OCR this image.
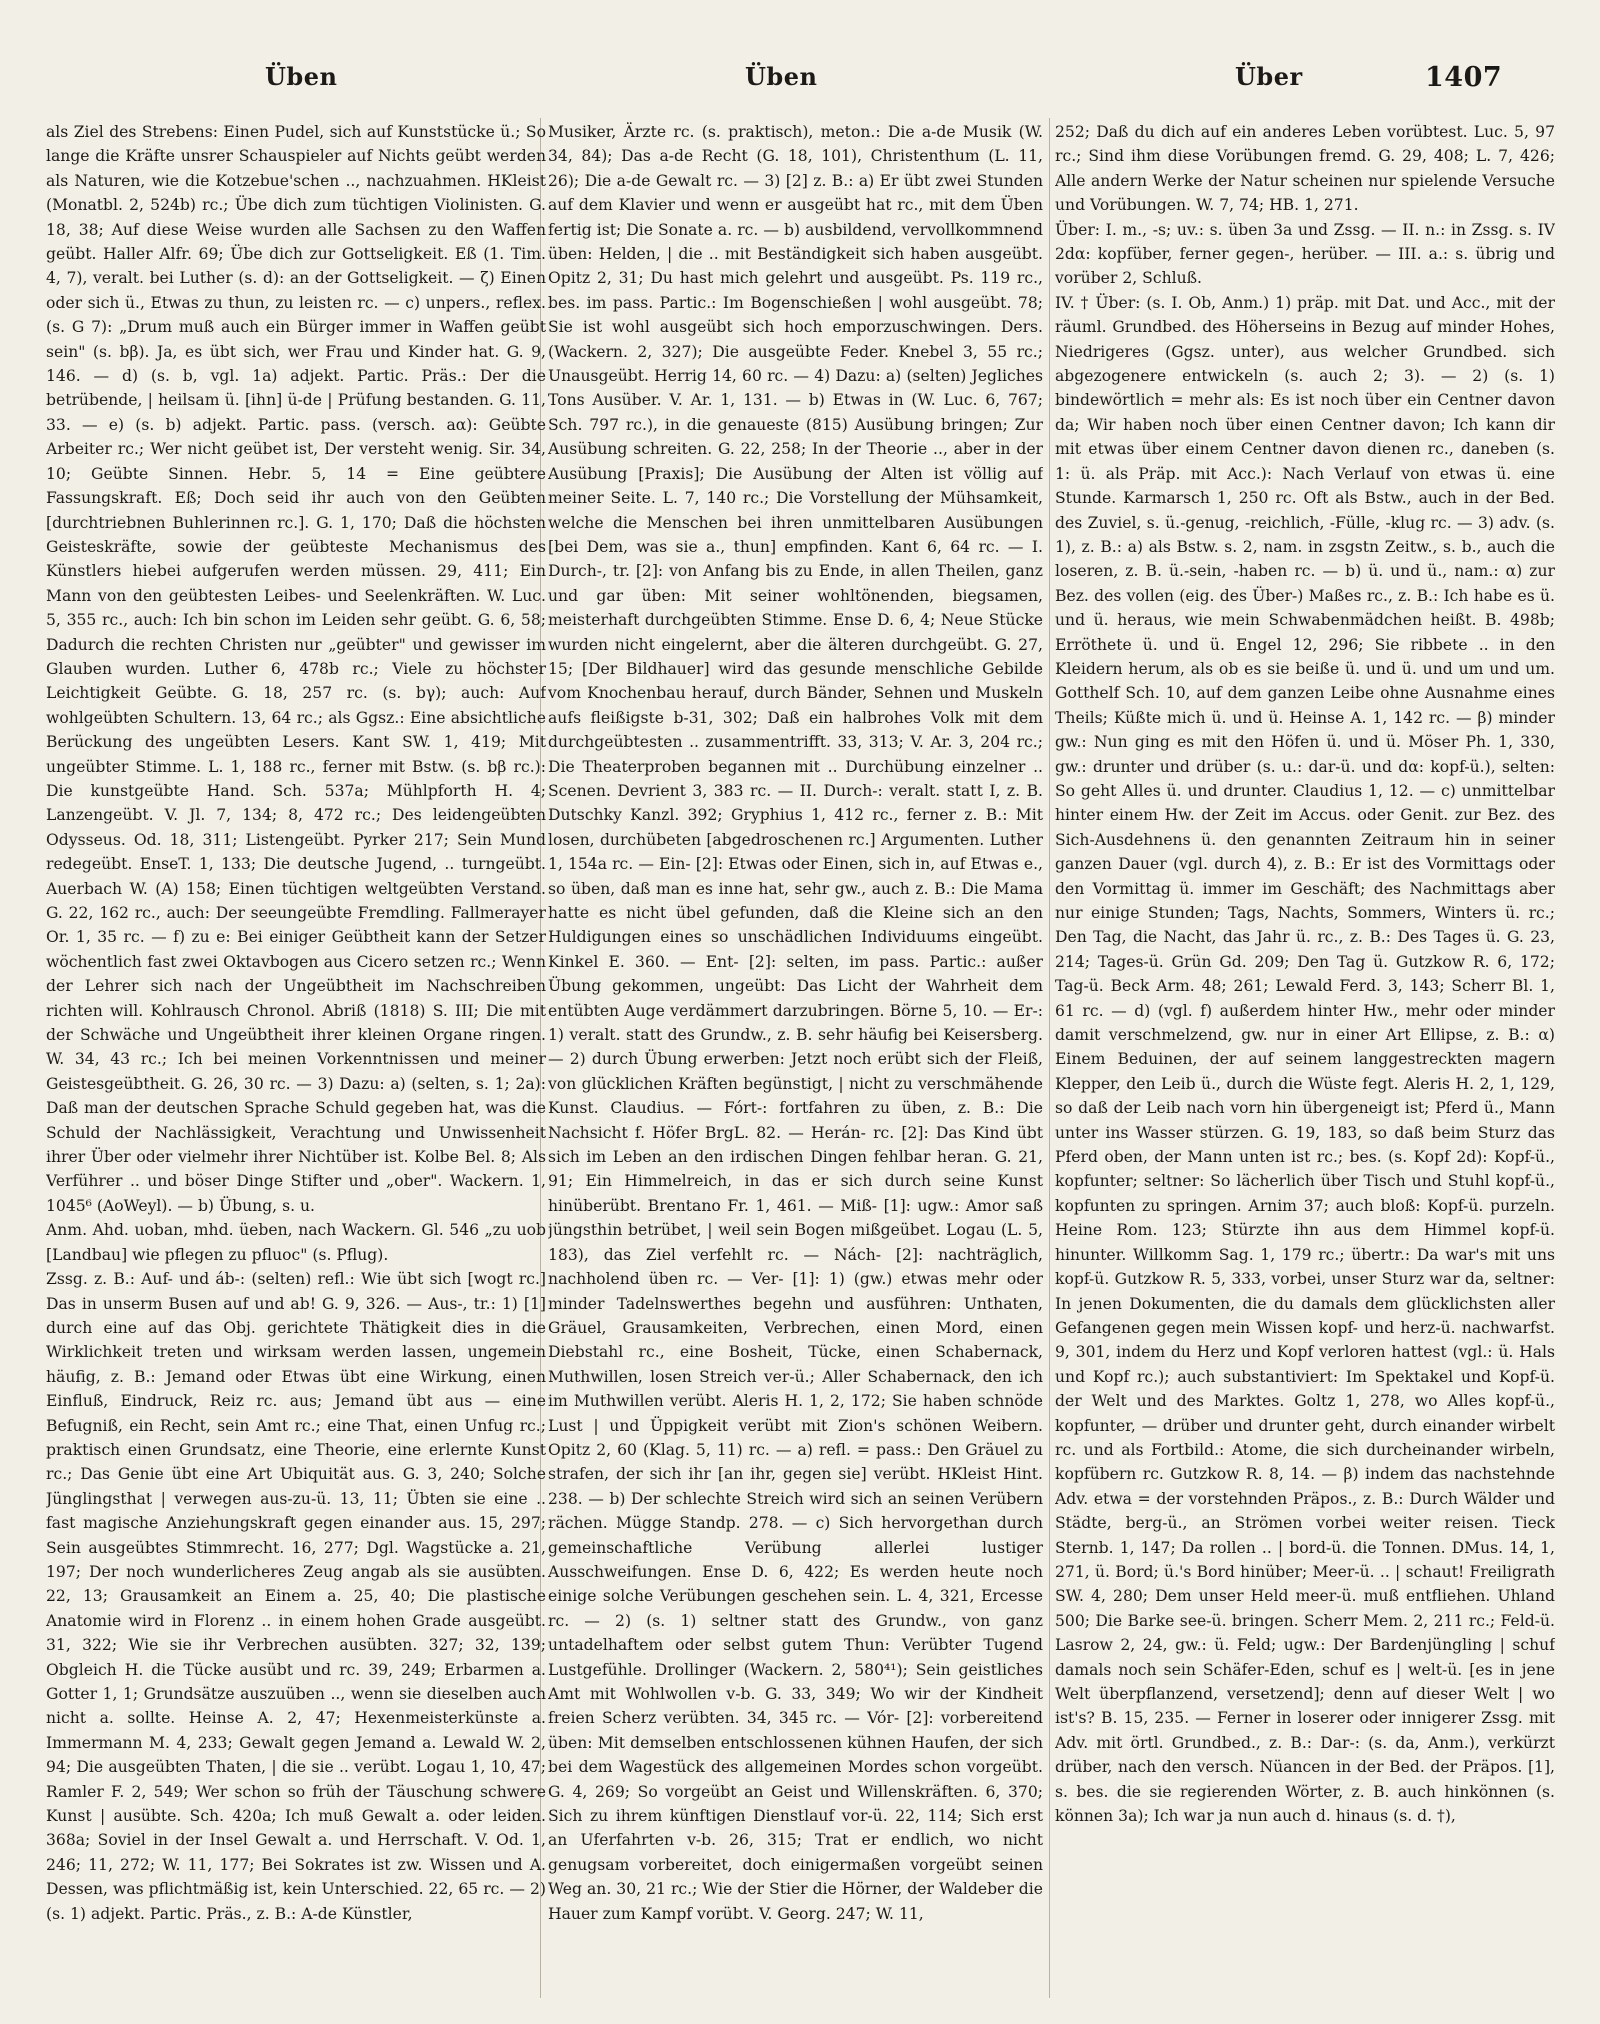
Üben	Üben	Über	1407

als Ziel des Strebens: Einen Pudel, sich auf Kunststücke ü.; So lange die Kräfte unsrer Schauspieler auf Nichts geübt werden als Naturen, wie die Kotzebue'schen .., nachzuahmen. HKleist (Monatbl. 2, 524b) rc.; Übe dich zum tüchtigen Violinisten. G. 18, 38; Auf diese Weise wurden alle Sachsen zu den Waffen geübt. Haller Alfr. 69; Übe dich zur Gottseligkeit. Eß (1. Tim. 4, 7), veralt. bei Luther (s. d): an der Gottseligkeit. — ζ) Einen oder sich ü., Etwas zu thun, zu leisten rc. — c) unpers., reflex. (s. G 7): „Drum muß auch ein Bürger immer in Waffen geübt sein" (s. bβ). Ja, es übt sich, wer Frau und Kinder hat. G. 9, 146. — d) (s. b, vgl. 1a) adjekt. Partic. Präs.: Der die betrübende, | heilsam ü. [ihn] ü-de | Prüfung bestanden. G. 11, 33. — e) (s. b) adjekt. Partic. pass. (versch. aα): Geübte Arbeiter rc.; Wer nicht geübet ist, Der versteht wenig. Sir. 34, 10; Geübte Sinnen. Hebr. 5, 14 = Eine geübtere Fassungskraft. Eß; Doch seid ihr auch von den Geübten [durchtriebnen Buhlerinnen rc.]. G. 1, 170; Daß die höchsten Geisteskräfte, sowie der geübteste Mechanismus des Künstlers hiebei aufgerufen werden müssen. 29, 411; Ein Mann von den geübtesten Leibes- und Seelenkräften. W. Luc. 5, 355 rc., auch: Ich bin schon im Leiden sehr geübt. G. 6, 58; Dadurch die rechten Christen nur „geübter" und gewisser im Glauben wurden. Luther 6, 478b rc.; Viele zu höchster Leichtigkeit Geübte. G. 18, 257 rc. (s. bγ); auch: Auf wohlgeübten Schultern. 13, 64 rc.; als Ggsz.: Eine absichtliche Berückung des ungeübten Lesers. Kant SW. 1, 419; Mit ungeübter Stimme. L. 1, 188 rc., ferner mit Bstw. (s. bβ rc.): Die kunstgeübte Hand. Sch. 537a; Mühlpforth H. 4; Lanzengeübt. V. Jl. 7, 134; 8, 472 rc.; Des leidengeübten Odysseus. Od. 18, 311; Listengeübt. Pyrker 217; Sein Mund redegeübt. EnseT. 1, 133; Die deutsche Jugend, .. turngeübt. Auerbach W. (A) 158; Einen tüchtigen weltgeübten Verstand. G. 22, 162 rc., auch: Der seeungeübte Fremdling. Fallmerayer Or. 1, 35 rc. — f) zu e: Bei einiger Geübtheit kann der Setzer wöchentlich fast zwei Oktavbogen aus Cicero setzen rc.; Wenn der Lehrer sich nach der Ungeübtheit im Nachschreiben richten will. Kohlrausch Chronol. Abriß (1818) S. III; Die mit der Schwäche und Ungeübtheit ihrer kleinen Organe ringen. W. 34, 43 rc.; Ich bei meinen Vorkenntnissen und meiner Geistesgeübtheit. G. 26, 30 rc. — 3) Dazu: a) (selten, s. 1; 2a): Daß man der deutschen Sprache Schuld gegeben hat, was die Schuld der Nachlässigkeit, Verachtung und Unwissenheit ihrer Über oder vielmehr ihrer Nichtüber ist. Kolbe Bel. 8; Als Verführer .. und böser Dinge Stifter und „ober". Wackern. 1, 1045⁶ (AoWeyl). — b) Übung, s. u.
Anm. Ahd. uoban, mhd. üeben, nach Wackern. Gl. 546 „zu uob [Landbau] wie pflegen zu pfluoc" (s. Pflug).
Zssg. z. B.: Auf- und áb-: (selten) refl.: Wie übt sich [wogt rc.] Das in unserm Busen auf und ab! G. 9, 326. — Aus-, tr.: 1) [1] durch eine auf das Obj. gerichtete Thätigkeit dies in die Wirklichkeit treten und wirksam werden lassen, ungemein häufig, z. B.: Jemand oder Etwas übt eine Wirkung, einen Einfluß, Eindruck, Reiz rc. aus; Jemand übt aus — eine Befugniß, ein Recht, sein Amt rc.; eine That, einen Unfug rc.; praktisch einen Grundsatz, eine Theorie, eine erlernte Kunst rc.; Das Genie übt eine Art Ubiquität aus. G. 3, 240; Solche Jünglingsthat | verwegen aus-zu-ü. 13, 11; Übten sie eine .. fast magische Anziehungskraft gegen einander aus. 15, 297; Sein ausgeübtes Stimmrecht. 16, 277; Dgl. Wagstücke a. 21, 197; Der noch wunderlicheres Zeug angab als sie ausübten. 22, 13; Grausamkeit an Einem a. 25, 40; Die plastische Anatomie wird in Florenz .. in einem hohen Grade ausgeübt. 31, 322; Wie sie ihr Verbrechen ausübten. 327; 32, 139; Obgleich H. die Tücke ausübt und rc. 39, 249; Erbarmen a. Gotter 1, 1; Grundsätze auszuüben .., wenn sie dieselben auch nicht a. sollte. Heinse A. 2, 47; Hexenmeisterkünste a. Immermann M. 4, 233; Gewalt gegen Jemand a. Lewald W. 2, 94; Die ausgeübten Thaten, | die sie .. verübt. Logau 1, 10, 47; Ramler F. 2, 549; Wer schon so früh der Täuschung schwere Kunst | ausübte. Sch. 420a; Ich muß Gewalt a. oder leiden. 368a; Soviel in der Insel Gewalt a. und Herrschaft. V. Od. 1, 246; 11, 272; W. 11, 177; Bei Sokrates ist zw. Wissen und A. Dessen, was pflichtmäßig ist, kein Unterschied. 22, 65 rc. — 2) (s. 1) adjekt. Partic. Präs., z. B.: A-de Künstler,

Musiker, Ärzte rc. (s. praktisch), meton.: Die a-de Musik (W. 34, 84); Das a-de Recht (G. 18, 101), Christenthum (L. 11, 26); Die a-de Gewalt rc. — 3) [2] z. B.: a) Er übt zwei Stunden auf dem Klavier und wenn er ausgeübt hat rc., mit dem Üben fertig ist; Die Sonate a. rc. — b) ausbildend, vervollkommnend üben: Helden, | die .. mit Beständigkeit sich haben ausgeübt. Opitz 2, 31; Du hast mich gelehrt und ausgeübt. Ps. 119 rc., bes. im pass. Partic.: Im Bogenschießen | wohl ausgeübt. 78; Sie ist wohl ausgeübt sich hoch emporzuschwingen. Ders. (Wackern. 2, 327); Die ausgeübte Feder. Knebel 3, 55 rc.; Unausgeübt. Herrig 14, 60 rc. — 4) Dazu: a) (selten) Jegliches Tons Ausüber. V. Ar. 1, 131. — b) Etwas in (W. Luc. 6, 767; Sch. 797 rc.), in die genauestе (815) Ausübung bringen; Zur Ausübung schreiten. G. 22, 258; In der Theorie .., aber in der Ausübung [Praxis]; Die Ausübung der Alten ist völlig auf meiner Seite. L. 7, 140 rc.; Die Vorstellung der Mühsamkeit, welche die Menschen bei ihren unmittelbaren Ausübungen [bei Dem, was sie a., thun] empfinden. Kant 6, 64 rc. — I. Durch-, tr. [2]: von Anfang bis zu Ende, in allen Theilen, ganz und gar üben: Mit seiner wohltönenden, biegsamen, meisterhaft durchgeübten Stimme. Ense D. 6, 4; Neue Stücke wurden nicht eingelernt, aber die älteren durchgeübt. G. 27, 15; [Der Bildhauer] wird das gesunde menschliche Gebilde vom Knochenbau herauf, durch Bänder, Sehnen und Muskeln aufs fleißigste b-31, 302; Daß ein halbrohes Volk mit dem durchgeübtesten .. zusammentrifft. 33, 313; V. Ar. 3, 204 rc.; Die Theaterproben begannen mit .. Durchübung einzelner .. Scenen. Devrient 3, 383 rc. — II. Durch-: veralt. statt I, z. B. Dutschky Kanzl. 392; Gryphius 1, 412 rc., ferner z. B.: Mit losen, durchübeten [abgedroschenen rc.] Argumenten. Luther 1, 154a rc. — Ein- [2]: Etwas oder Einen, sich in, auf Etwas e., so üben, daß man es inne hat, sehr gw., auch z. B.: Die Mama hatte es nicht übel gefunden, daß die Kleine sich an den Huldigungen eines so unschädlichen Individuums eingeübt. Kinkel E. 360. — Ent- [2]: selten, im pass. Partic.: außer Übung gekommen, ungeübt: Das Licht der Wahrheit dem entübten Auge verdämmert darzubringen. Börne 5, 10. — Er-: 1) veralt. statt des Grundw., z. B. sehr häufig bei Keisersberg. — 2) durch Übung erwerben: Jetzt noch erübt sich der Fleiß, von glücklichen Kräften begünstigt, | nicht zu verschmähende Kunst. Claudius. — Fórt-: fortfahren zu üben, z. B.: Die Nachsicht f. Höfer BrgL. 82. — Herán- rc. [2]: Das Kind übt sich im Leben an den irdischen Dingen fehlbar heran. G. 21, 91; Ein Himmelreich, in das er sich durch seine Kunst hinüberübt. Brentano Fr. 1, 461. — Miß- [1]: ugw.: Amor saß jüngsthin betrübet, | weil sein Bogen mißgeübet. Logau (L. 5, 183), das Ziel verfehlt rc. — Nách- [2]: nachträglich, nachholend üben rc. — Ver- [1]: 1) (gw.) etwas mehr oder minder Tadelnswerthes begehn und ausführen: Unthaten, Gräuel, Grausamkeiten, Verbrechen, einen Mord, einen Diebstahl rc., eine Bosheit, Tücke, einen Schabernack, Muthwillen, losen Streich ver-ü.; Aller Schabernack, den ich im Muthwillen verübt. Aleris H. 1, 2, 172; Sie haben schnöde Lust | und Üppigkeit verübt mit Zion's schönen Weibern. Opitz 2, 60 (Klag. 5, 11) rc. — a) refl. = pass.: Den Gräuel zu strafen, der sich ihr [an ihr, gegen sie] verübt. HKleist Hint. 238. — b) Der schlechte Streich wird sich an seinen Verübern rächen. Müggе Standp. 278. — c) Sich hervorgethan durch gemeinschaftliche Verübung allerlei lustiger Ausschweifungen. Ense D. 6, 422; Es werden heute noch einige solche Verübungen geschehen sein. L. 4, 321, Ercesse rc. — 2) (s. 1) seltner statt des Grundw., von ganz untadelhaftem oder selbst gutem Thun: Verübter Tugend Lustgefühle. Drollinger (Wackern. 2, 580⁴¹); Sein geistliches Amt mit Wohlwollen v-b. G. 33, 349; Wo wir der Kindheit freien Scherz verübten. 34, 345 rc. — Vór- [2]: vorbereitend üben: Mit demselben entschlossenen kühnen Haufen, der sich bei dem Wagestück des allgemeinen Mordes schon vorgeübt. G. 4, 269; So vorgeübt an Geist und Willenskräften. 6, 370; Sich zu ihrem künftigen Dienstlauf vor-ü. 22, 114; Sich erst an Uferfahrten v-b. 26, 315; Trat er endlich, wo nicht genugsam vorbereitet, doch einigermaßen vorgeübt seinen Weg an. 30, 21 rc.; Wie der Stier die Hörner, der Waldeber die Hauer zum Kampf vorübt. V. Georg. 247; W. 11,

252; Daß du dich auf ein anderes Leben vorübtest. Luc. 5, 97 rc.; Sind ihm diese Vorübungen fremd. G. 29, 408; L. 7, 426; Alle andern Werke der Natur scheinen nur spielende Versuche und Vorübungen. W. 7, 74; HB. 1, 271.
Über: I. m., -s; uv.: s. üben 3a und Zssg. — II. n.: in Zssg. s. IV 2dα: kopfüber, ferner gegen-, herüber. — III. a.: s. übrig und vorüber 2, Schluß.
IV. † Über: (s. I. Ob, Anm.) 1) präp. mit Dat. und Acc., mit der räuml. Grundbed. des Höherseins in Bezug auf minder Hohes, Niedrigeres (Ggsz. unter), aus welcher Grundbed. sich abgezogenere entwickeln (s. auch 2; 3). — 2) (s. 1) bindewörtlich = mehr als: Es ist noch über ein Centner davon da; Wir haben noch über einen Centner davon; Ich kann dir mit etwas über einem Centner davon dienen rc., daneben (s. 1: ü. als Präp. mit Acc.): Nach Verlauf von etwas ü. eine Stunde. Karmarsch 1, 250 rc. Oft als Bstw., auch in der Bed. des Zuviel, s. ü.-genug, -reichlich, -Fülle, -klug rc. — 3) adv. (s. 1), z. B.: a) als Bstw. s. 2, nam. in zsgstn Zeitw., s. b., auch die loseren, z. B. ü.-sein, -haben rc. — b) ü. und ü., nam.: α) zur Bez. des vollen (eig. des Über-) Maßes rc., z. B.: Ich habe es ü. und ü. heraus, wie mein Schwabenmädchen heißt. B. 498b; Erröthete ü. und ü. Engel 12, 296; Sie ribbete .. in den Kleidern herum, als ob es sie beiße ü. und ü. und um und um. Gotthelf Sch. 10, auf dem ganzen Leibe ohne Ausnahme eines Theils; Küßte mich ü. und ü. Heinse A. 1, 142 rc. — β) minder gw.: Nun ging es mit den Höfen ü. und ü. Möser Ph. 1, 330, gw.: drunter und drüber (s. u.: dar-ü. und dα: kopf-ü.), selten: So geht Alles ü. und drunter. Claudius 1, 12. — c) unmittelbar hinter einem Hw. der Zeit im Accus. oder Genit. zur Bez. des Sich-Ausdehnens ü. den genannten Zeitraum hin in seiner ganzen Dauer (vgl. durch 4), z. B.: Er ist des Vormittags oder den Vormittag ü. immer im Geschäft; des Nachmittags aber nur einige Stunden; Tags, Nachts, Sommers, Winters ü. rc.; Den Tag, die Nacht, das Jahr ü. rc., z. B.: Des Tages ü. G. 23, 214; Tages-ü. Grün Gd. 209; Den Tag ü. Gutzkow R. 6, 172; Tag-ü. Beck Arm. 48; 261; Lewald Ferd. 3, 143; Scherr Bl. 1, 61 rc. — d) (vgl. f) außerdem hinter Hw., mehr oder minder damit verschmelzend, gw. nur in einer Art Ellipse, z. B.: α) Einem Beduinen, der auf seinem langgestreckten magern Klepper, den Leib ü., durch die Wüste fegt. Aleris H. 2, 1, 129, so daß der Leib nach vorn hin übergeneigt ist; Pferd ü., Mann unter ins Wasser stürzen. G. 19, 183, so daß beim Sturz das Pferd oben, der Mann unten ist rc.; bes. (s. Kopf 2d): Kopf-ü., kopfunter; seltner: So lächerlich über Tisch und Stuhl kopf-ü., kopfunten zu springen. Arnim 37; auch bloß: Kopf-ü. purzeln. Heine Rom. 123; Stürzte ihn aus dem Himmel kopf-ü. hinunter. Willkomm Sag. 1, 179 rc.; übertr.: Da war's mit uns kopf-ü. Gutzkow R. 5, 333, vorbei, unser Sturz war da, seltner: In jenen Dokumenten, die du damals dem glücklichsten aller Gefangenen gegen mein Wissen kopf- und herz-ü. nachwarfst. 9, 301, indem du Herz und Kopf verloren hattest (vgl.: ü. Hals und Kopf rc.); auch substantiviert: Im Spektakel und Kopf-ü. der Welt und des Marktes. Goltz 1, 278, wo Alles kopf-ü., kopfunter, — drüber und drunter geht, durch einander wirbelt rc. und als Fortbild.: Atome, die sich durcheinander wirbeln, kopfübern rc. Gutzkow R. 8, 14. — β) indem das nachstehnde Adv. etwa = der vorstehnden Präpos., z. B.: Durch Wälder und Städte, berg-ü., an Strömen vorbei weiter reisen. Tieck Sternb. 1, 147; Da rollen .. | bord-ü. die Tonnen. DMus. 14, 1, 271, ü. Bord; ü.'s Bord hinüber; Meer-ü. .. | schaut! Freiligrath SW. 4, 280; Dem unser Held meer-ü. muß entfliehen. Uhland 500; Die Barke see-ü. bringen. Scherr Mem. 2, 211 rc.; Feld-ü. Lasrow 2, 24, gw.: ü. Feld; ugw.: Der Bardenjüngling | schuf damals noch sein Schäfer-Eden, schuf es | welt-ü. [es in jene Welt überpflanzend, versetzend]; denn auf dieser Welt | wo ist's? B. 15, 235. — Ferner in loserer oder innigerer Zssg. mit Adv. mit örtl. Grundbed., z. B.: Dar-: (s. da, Anm.), verkürzt drüber, nach den versch. Nüancen in der Bed. der Präpos. [1], s. bes. die sie regierenden Wörter, z. B. auch hinkönnen (s. können 3a); Ich war ja nun auch d. hinaus (s. d. †),
